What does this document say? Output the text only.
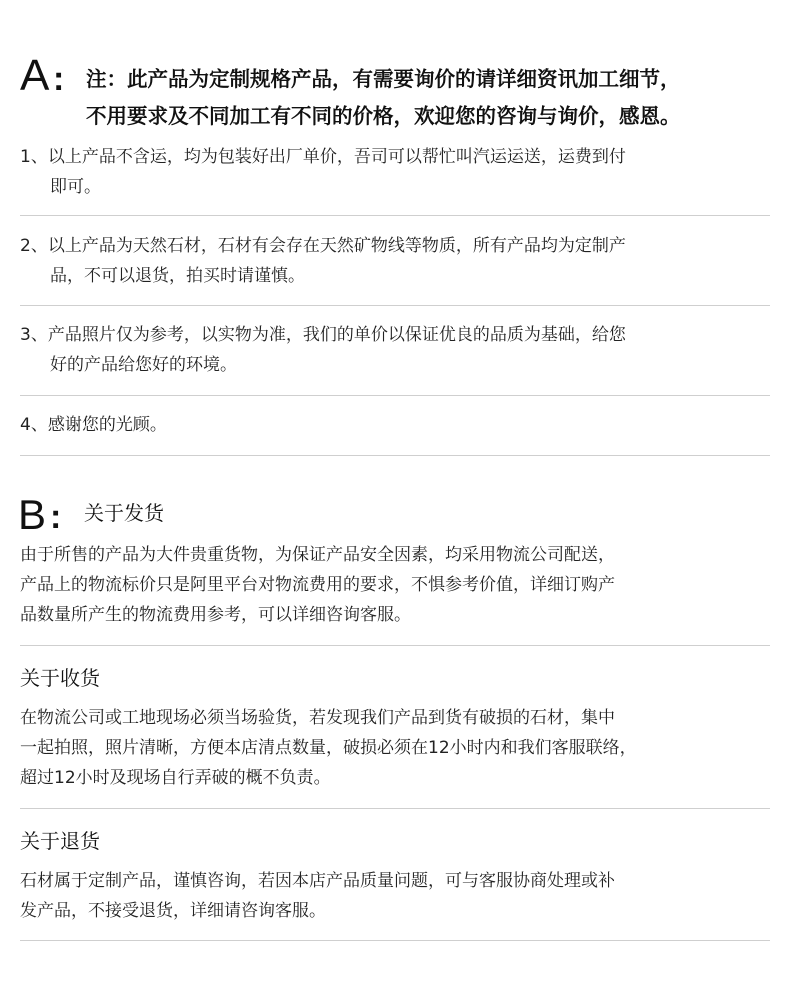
A : 注：此产品为定制规格产品，有需要询价的请详细资讯加工细节，
不用要求及不同加工有不同的价格，欢迎您的咨询与询价，感恩。
1、以上产品不含运，均为包装好出厂单价，吾司可以帮忙叫汽运运送，运费到付
即可。
2、以上产品为天然石材，石材有会存在天然矿物线等物质，所有产品均为定制产
品，不可以退货，拍买时请谨慎。
3、产品照片仅为参考，以实物为准，我们的单价以保证优良的品质为基础，给您
好的产品给您好的环境。
4、感谢您的光顾。
B : 关于发货
由于所售的产品为大件贵重货物，为保证产品安全因素，均采用物流公司配送，
产品上的物流标价只是阿里平台对物流费用的要求，不惧参考价值，详细订购产
品数量所产生的物流费用参考，可以详细咨询客服。
关于收货
在物流公司或工地现场必须当场验货，若发现我们产品到货有破损的石材，集中
一起拍照，照片清晰，方便本店清点数量，破损必须在12小时内和我们客服联络，
超过12小时及现场自行弄破的概不负责。
关于退货
石材属于定制产品，谨慎咨询，若因本店产品质量问题，可与客服协商处理或补
发产品，不接受退货，详细请咨询客服。
